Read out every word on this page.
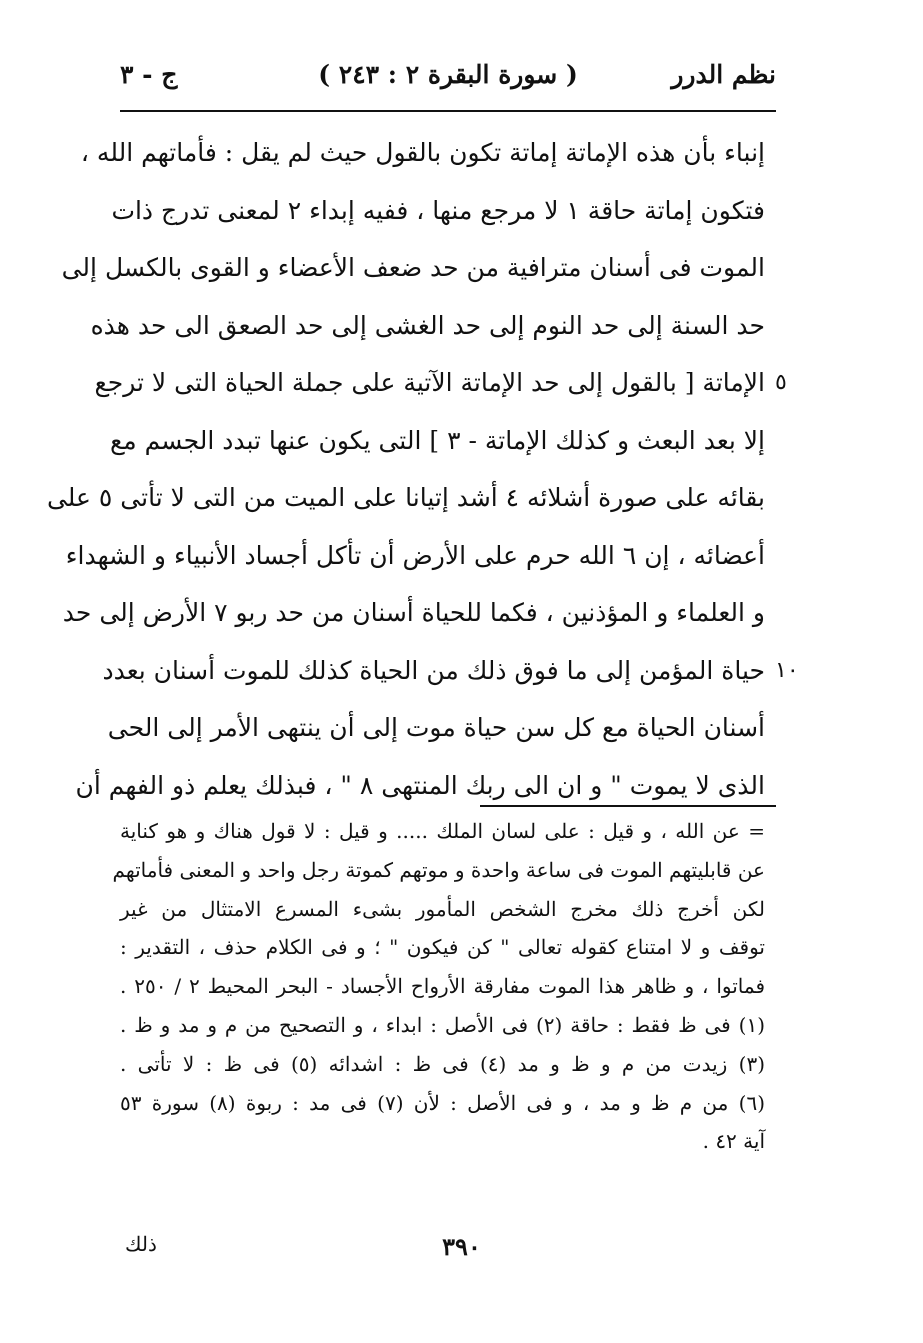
نظم الدرر
( سورة البقرة ٢ : ٢٤٣ )
ج - ٣
إنباء بأن هذه الإماتة إماتة تكون بالقول حيث لم يقل : فأماتهم الله ،
فتكون إماتة حاقة ١ لا مرجع منها ، ففيه إبداء ٢ لمعنى تدرج ذات
الموت فى أسنان مترافية من حد ضعف الأعضاء و القوى بالكسل إلى
حد السنة إلى حد النوم إلى حد الغشى إلى حد الصعق الى حد هذه
الإماتة [ بالقول إلى حد الإماتة الآتية على جملة الحياة التى لا ترجع ٥
إلا بعد البعث و كذلك الإماتة - ٣ ] التى يكون عنها تبدد الجسم مع
بقائه على صورة أشلائه ٤ أشد إتيانا على الميت من التى لا تأتى ٥ على
أعضائه ، إن ٦ الله حرم على الأرض أن تأكل أجساد الأنبياء و الشهداء
و العلماء و المؤذنين ، فكما للحياة أسنان من حد ربو ٧ الأرض إلى حد
حياة المؤمن إلى ما فوق ذلك من الحياة كذلك للموت أسنان بعدد ١٠
أسنان الحياة مع كل سن حياة موت إلى أن ينتهى الأمر إلى الحى
الذى لا يموت " و ان الى ربك المنتهى ٨ " ، فبذلك يعلم ذو الفهم أن
= عن الله ، و قيل : على لسان الملك ..... و قيل : لا قول هناك و هو كناية
عن قابليتهم الموت فى ساعة واحدة و موتهم كموتة رجل واحد و المعنى فأماتهم
لكن أخرج ذلك مخرج الشخص المأمور بشىء المسرع الامتثال من غير
توقف و لا امتناع كقوله تعالى " كن فيكون " ؛ و فى الكلام حذف ، التقدير :
فماتوا ، و ظاهر هذا الموت مفارقة الأرواح الأجساد - البحر المحيط ٢ / ٢٥٠ .
(١) فى ظ فقط : حاقة (٢) فى الأصل : ابداء ، و التصحيح من م و مد و ظ .
(٣) زيدت من م و ظ و مد (٤) فى ظ : اشدائه (٥) فى ظ : لا تأتى .
(٦) من م ظ و مد ، و فى الأصل : لأن (٧) فى مد : ربوة (٨) سورة ٥٣
آية ٤٢ .
ذلك	٣٩٠
